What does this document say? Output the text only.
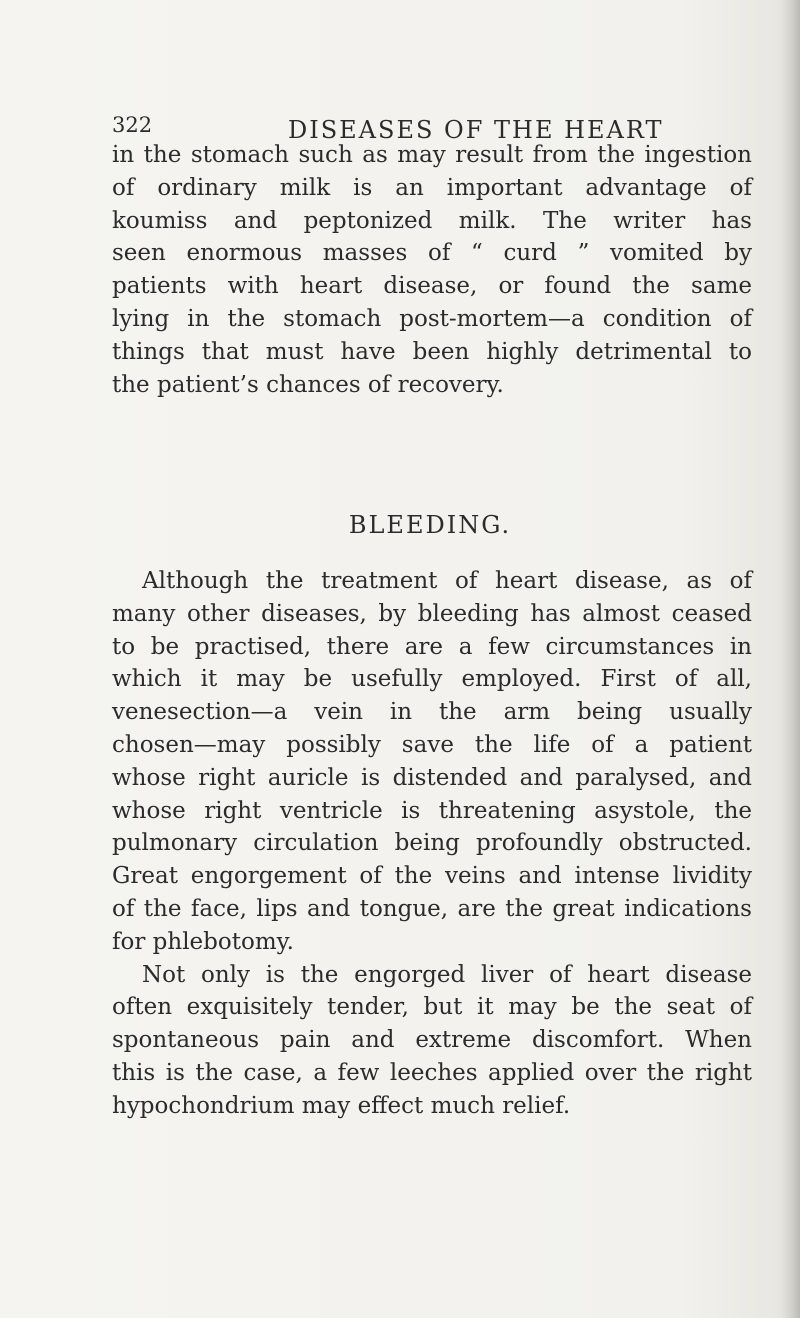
322	DISEASES OF THE HEART
in the stomach such as may result from the ingestion
of ordinary milk is an important advantage of
koumiss and peptonized milk. The writer has
seen enormous masses of “ curd ” vomited by
patients with heart disease, or found the same
lying in the stomach post-mortem—a condition of
things that must have been highly detrimental to
the patient’s chances of recovery.
BLEEDING.
Although the treatment of heart disease, as of
many other diseases, by bleeding has almost ceased
to be practised, there are a few circumstances in
which it may be usefully employed. First of all,
venesection—a vein in the arm being usually
chosen—may possibly save the life of a patient
whose right auricle is distended and paralysed, and
whose right ventricle is threatening asystole, the
pulmonary circulation being profoundly obstructed.
Great engorgement of the veins and intense lividity
of the face, lips and tongue, are the great indications
for phlebotomy.
Not only is the engorged liver of heart disease
often exquisitely tender, but it may be the seat of
spontaneous pain and extreme discomfort. When
this is the case, a few leeches applied over the right
hypochondrium may effect much relief.
